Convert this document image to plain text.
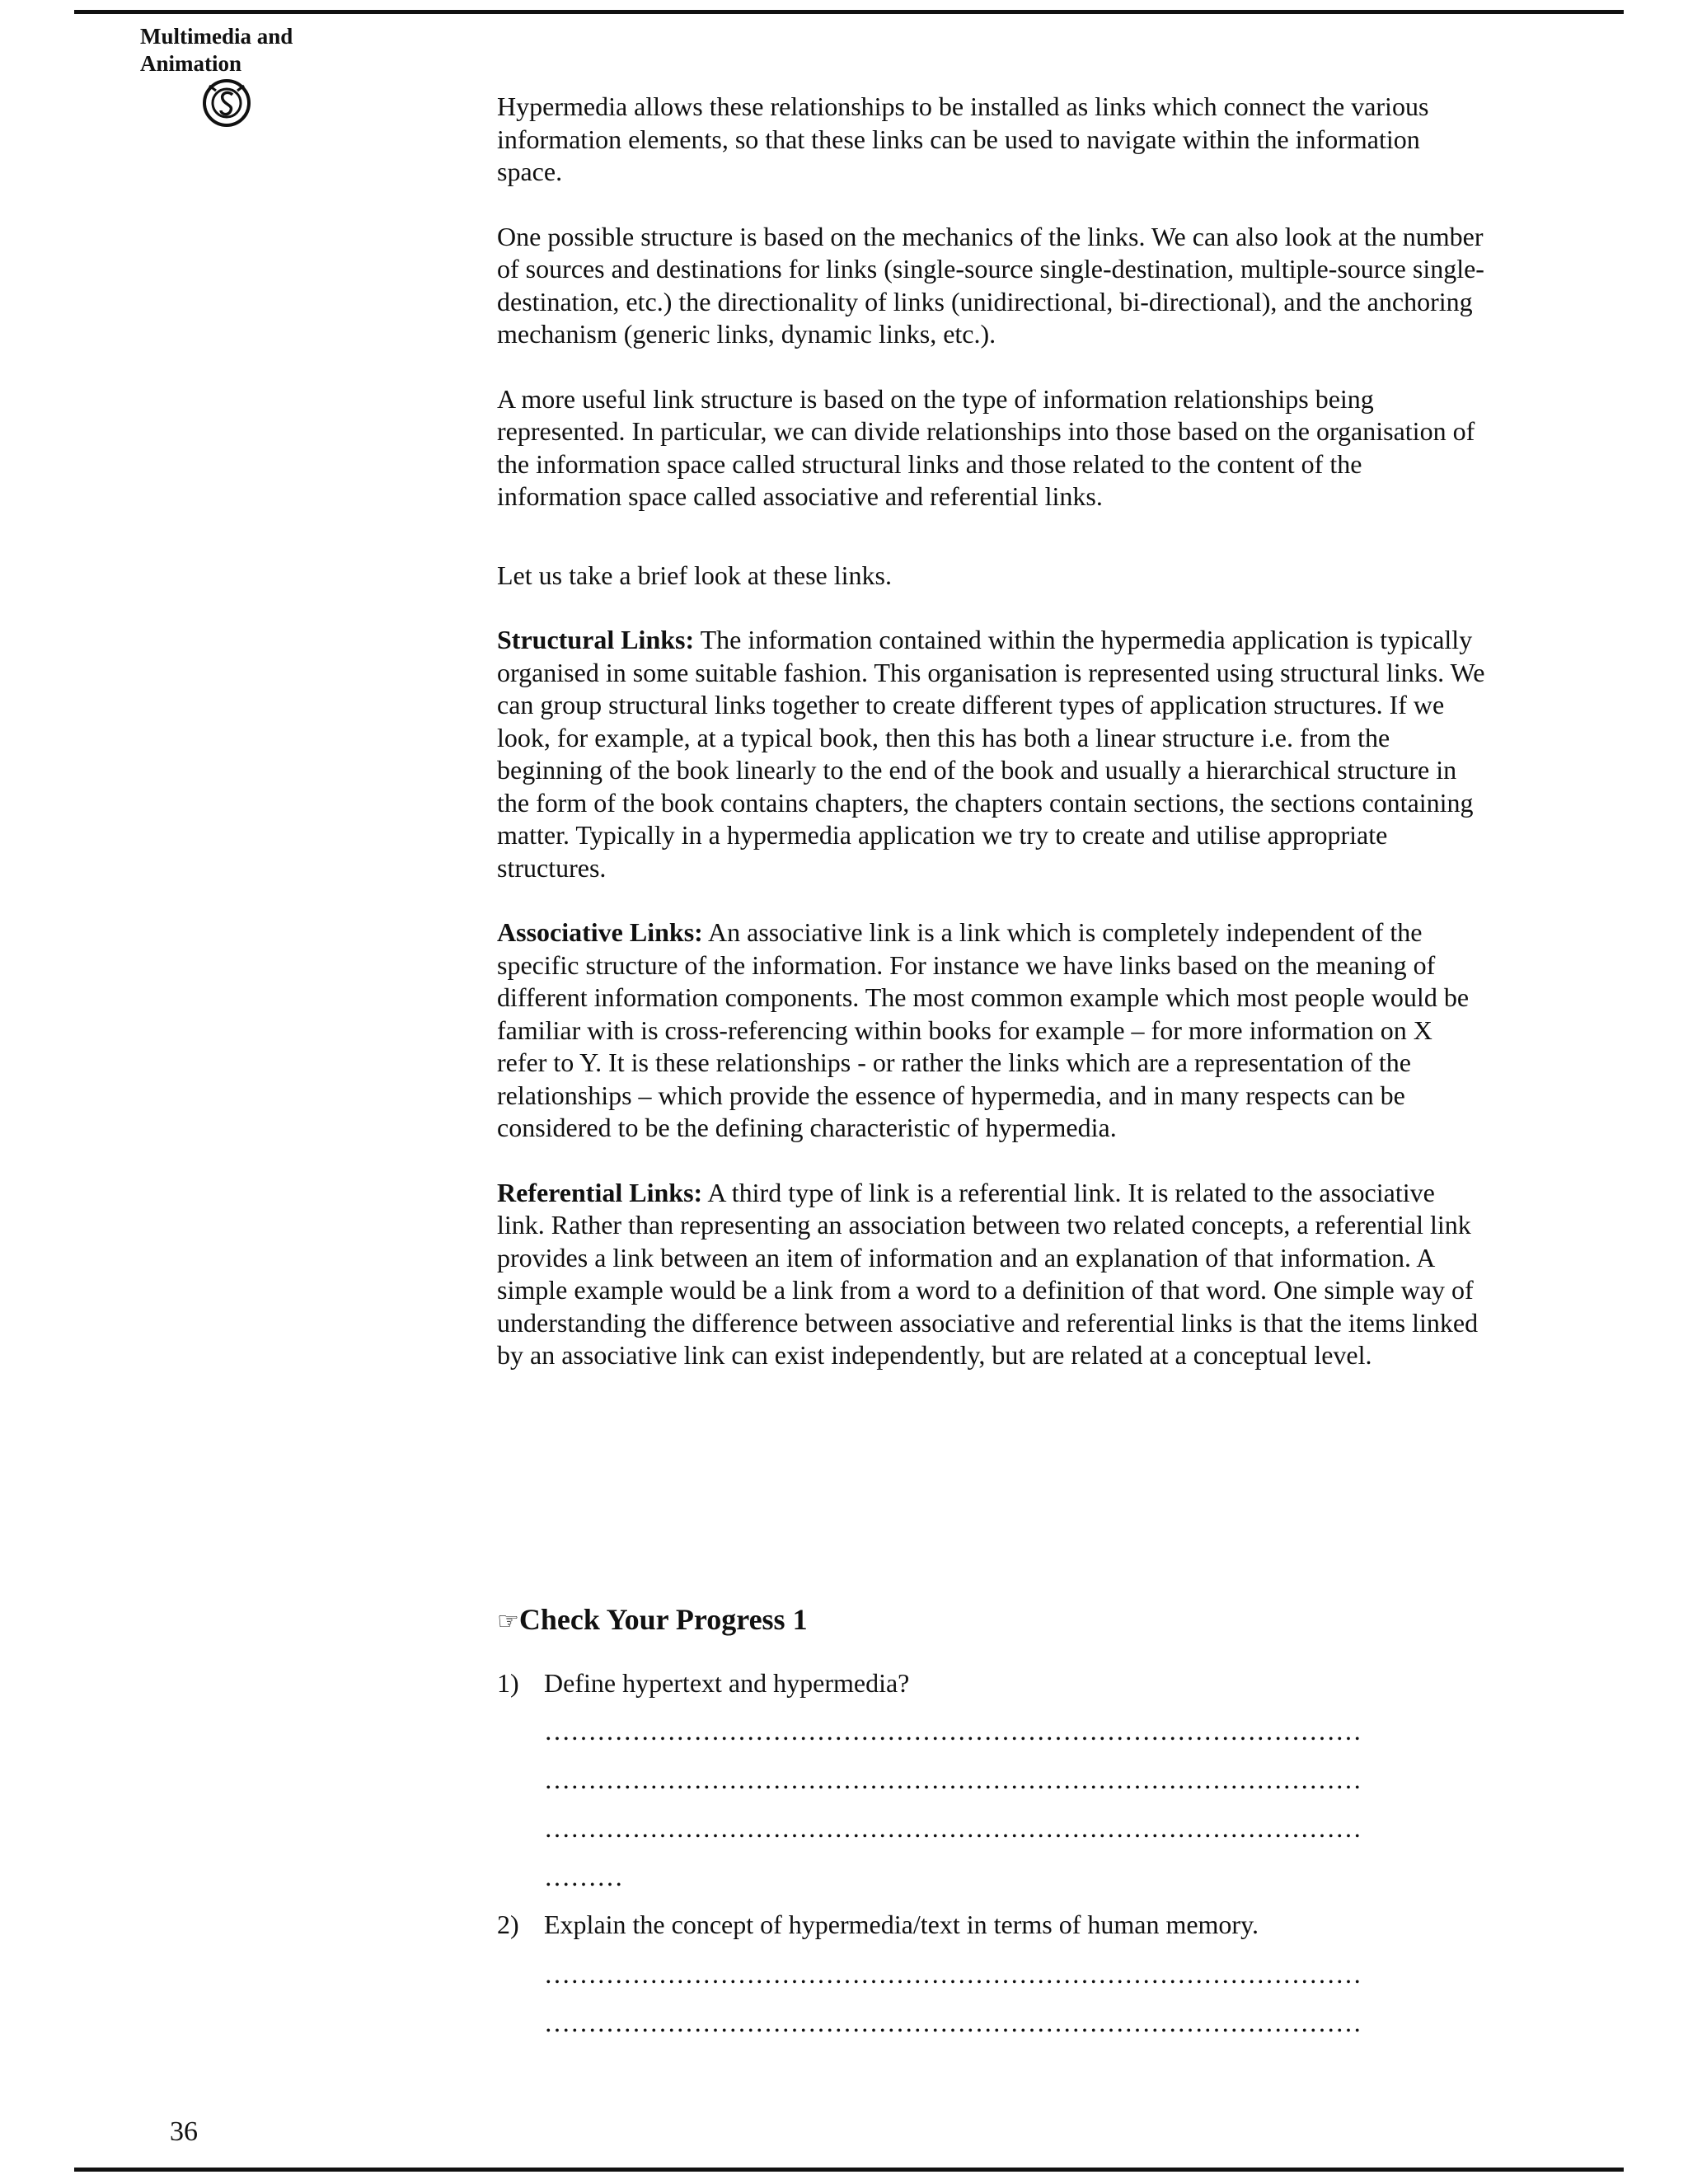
Multimedia and
Animation

Hypermedia allows these relationships to be installed as links which connect the various information elements, so that these links can be used to navigate within the information space.

One possible structure is based on the mechanics of the links. We can also look at the number of sources and destinations for links (single-source single-destination, multiple-source single-destination, etc.) the directionality of links (unidirectional, bi-directional), and the anchoring mechanism (generic links, dynamic links, etc.).

A more useful link structure is based on the type of information relationships being represented. In particular, we can divide relationships into those based on the organisation of the information space called structural links and those related to the content of the information space called associative and referential links.

Let us take a brief look at these links.

Structural Links: The information contained within the hypermedia application is typically organised in some suitable fashion. This organisation is represented using structural links. We can group structural links together to create different types of application structures. If we look, for example, at a typical book, then this has both a linear structure i.e. from the beginning of the book linearly to the end of the book and usually a hierarchical structure in the form of the book contains chapters, the chapters contain sections, the sections containing matter. Typically in a hypermedia application we try to create and utilise appropriate structures.

Associative Links: An associative link is a link which is completely independent of the specific structure of the information. For instance we have links based on the meaning of different information components. The most common example which most people would be familiar with is cross-referencing within books for example – for more information on X refer to Y. It is these relationships - or rather the links which are a representation of the relationships – which provide the essence of hypermedia, and in many respects can be considered to be the defining characteristic of hypermedia.

Referential Links: A third type of link is a referential link. It is related to the associative link. Rather than representing an association between two related concepts, a referential link provides a link between an item of information and an explanation of that information. A simple example would be a link from a word to a definition of that word. One simple way of understanding the difference between associative and referential links is that the items linked by an associative link can exist independently, but are related at a conceptual level.

☞Check Your Progress 1
1) Define hypertext and hypermedia?
…………………………………………………………………………………
…………………………………………………………………………………
…………………………………………………………………………………
………
2) Explain the concept of hypermedia/text in terms of human memory.
…………………………………………………………………………………
…………………………………………………………………………………
36
